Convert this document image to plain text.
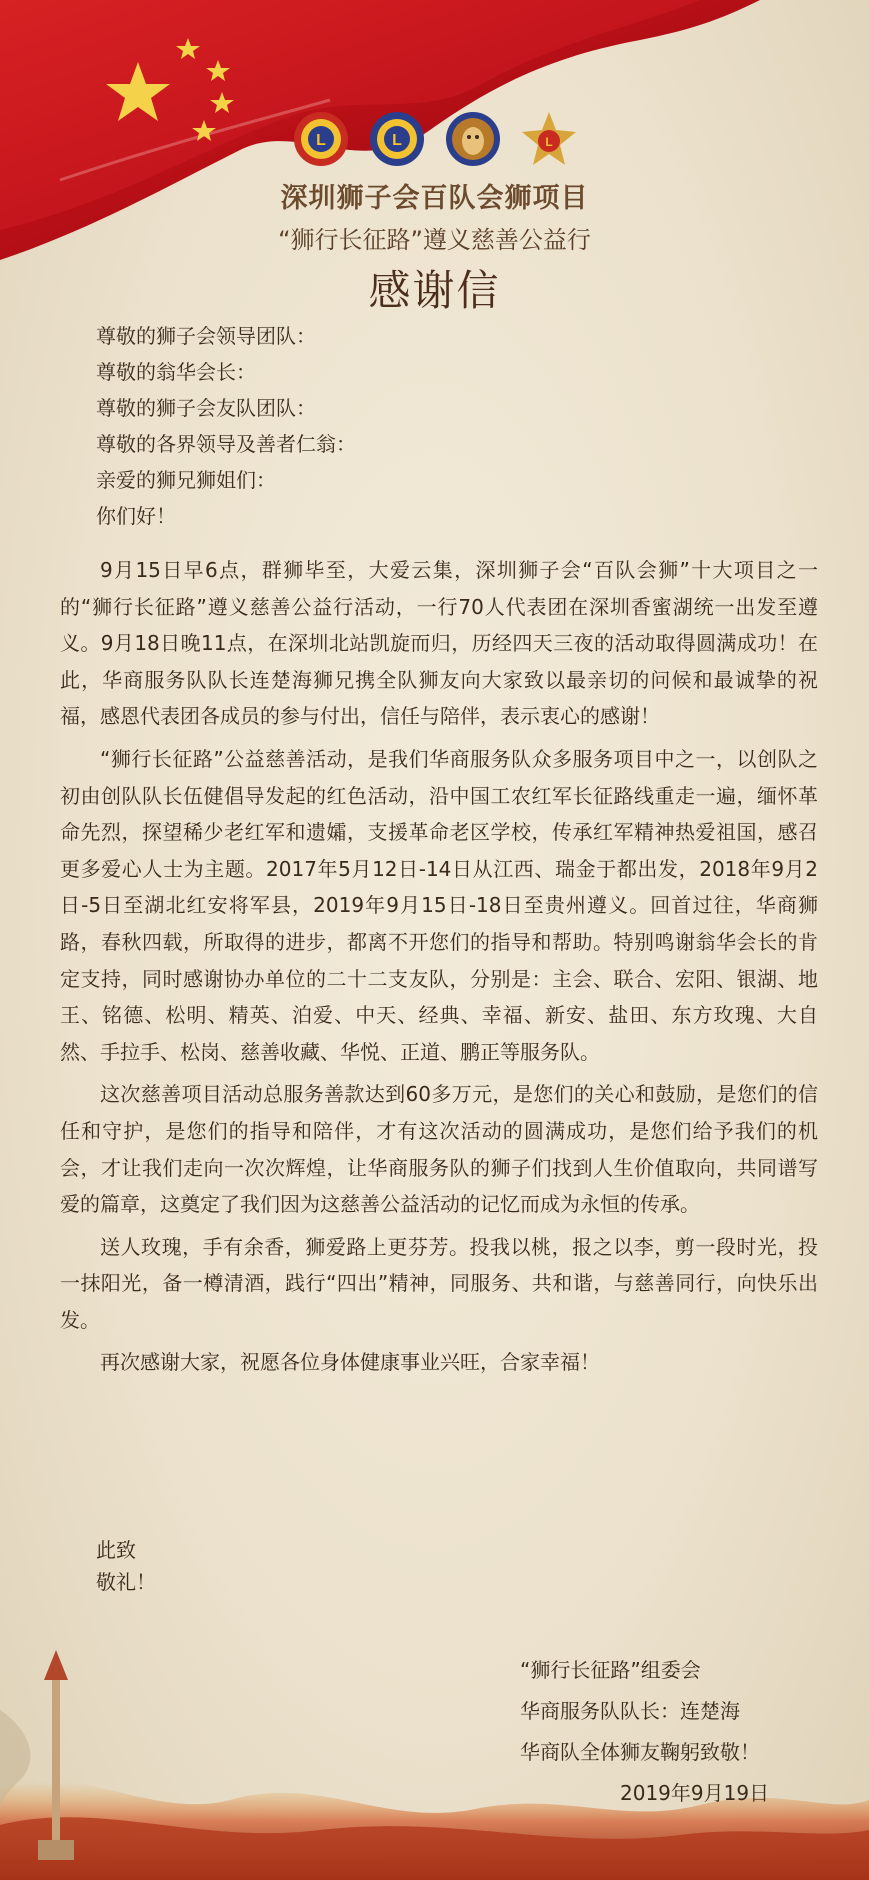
L	L	L
深圳狮子会百队会狮项目
“狮行长征路”遵义慈善公益行
感谢信
尊敬的狮子会领导团队：
尊敬的翁华会长：
尊敬的狮子会友队团队：
尊敬的各界领导及善者仁翁：
亲爱的狮兄狮姐们：
你们好！

9月15日早6点，群狮毕至，大爱云集，深圳狮子会“百队会狮”十大项目之一的“狮行长征路”遵义慈善公益行活动，一行70人代表团在深圳香蜜湖统一出发至遵义。9月18日晚11点，在深圳北站凯旋而归，历经四天三夜的活动取得圆满成功！在此，华商服务队队长连楚海狮兄携全队狮友向大家致以最亲切的问候和最诚挚的祝福，感恩代表团各成员的参与付出，信任与陪伴，表示衷心的感谢！

“狮行长征路”公益慈善活动，是我们华商服务队众多服务项目中之一，以创队之初由创队队长伍健倡导发起的红色活动，沿中国工农红军长征路线重走一遍，缅怀革命先烈，探望稀少老红军和遗孀，支援革命老区学校，传承红军精神热爱祖国，感召更多爱心人士为主题。2017年5月12日-14日从江西、瑞金于都出发，2018年9月2日-5日至湖北红安将军县，2019年9月15日-18日至贵州遵义。回首过往，华商狮路，春秋四载，所取得的进步，都离不开您们的指导和帮助。特别鸣谢翁华会长的肯定支持，同时感谢协办单位的二十二支友队，分别是：主会、联合、宏阳、银湖、地王、铭德、松明、精英、泊爱、中天、经典、幸福、新安、盐田、东方玫瑰、大自然、手拉手、松岗、慈善收藏、华悦、正道、鹏正等服务队。

这次慈善项目活动总服务善款达到60多万元，是您们的关心和鼓励，是您们的信任和守护，是您们的指导和陪伴，才有这次活动的圆满成功，是您们给予我们的机会，才让我们走向一次次辉煌，让华商服务队的狮子们找到人生价值取向，共同谱写爱的篇章，这奠定了我们因为这慈善公益活动的记忆而成为永恒的传承。

送人玫瑰，手有余香，狮爱路上更芬芳。投我以桃，报之以李，剪一段时光，投一抹阳光，备一樽清酒，践行“四出”精神，同服务、共和谐，与慈善同行，向快乐出发。

再次感谢大家，祝愿各位身体健康事业兴旺，合家幸福！

此致
敬礼！
“狮行长征路”组委会
华商服务队队长：连楚海
华商队全体狮友鞠躬致敬！
2019年9月19日
